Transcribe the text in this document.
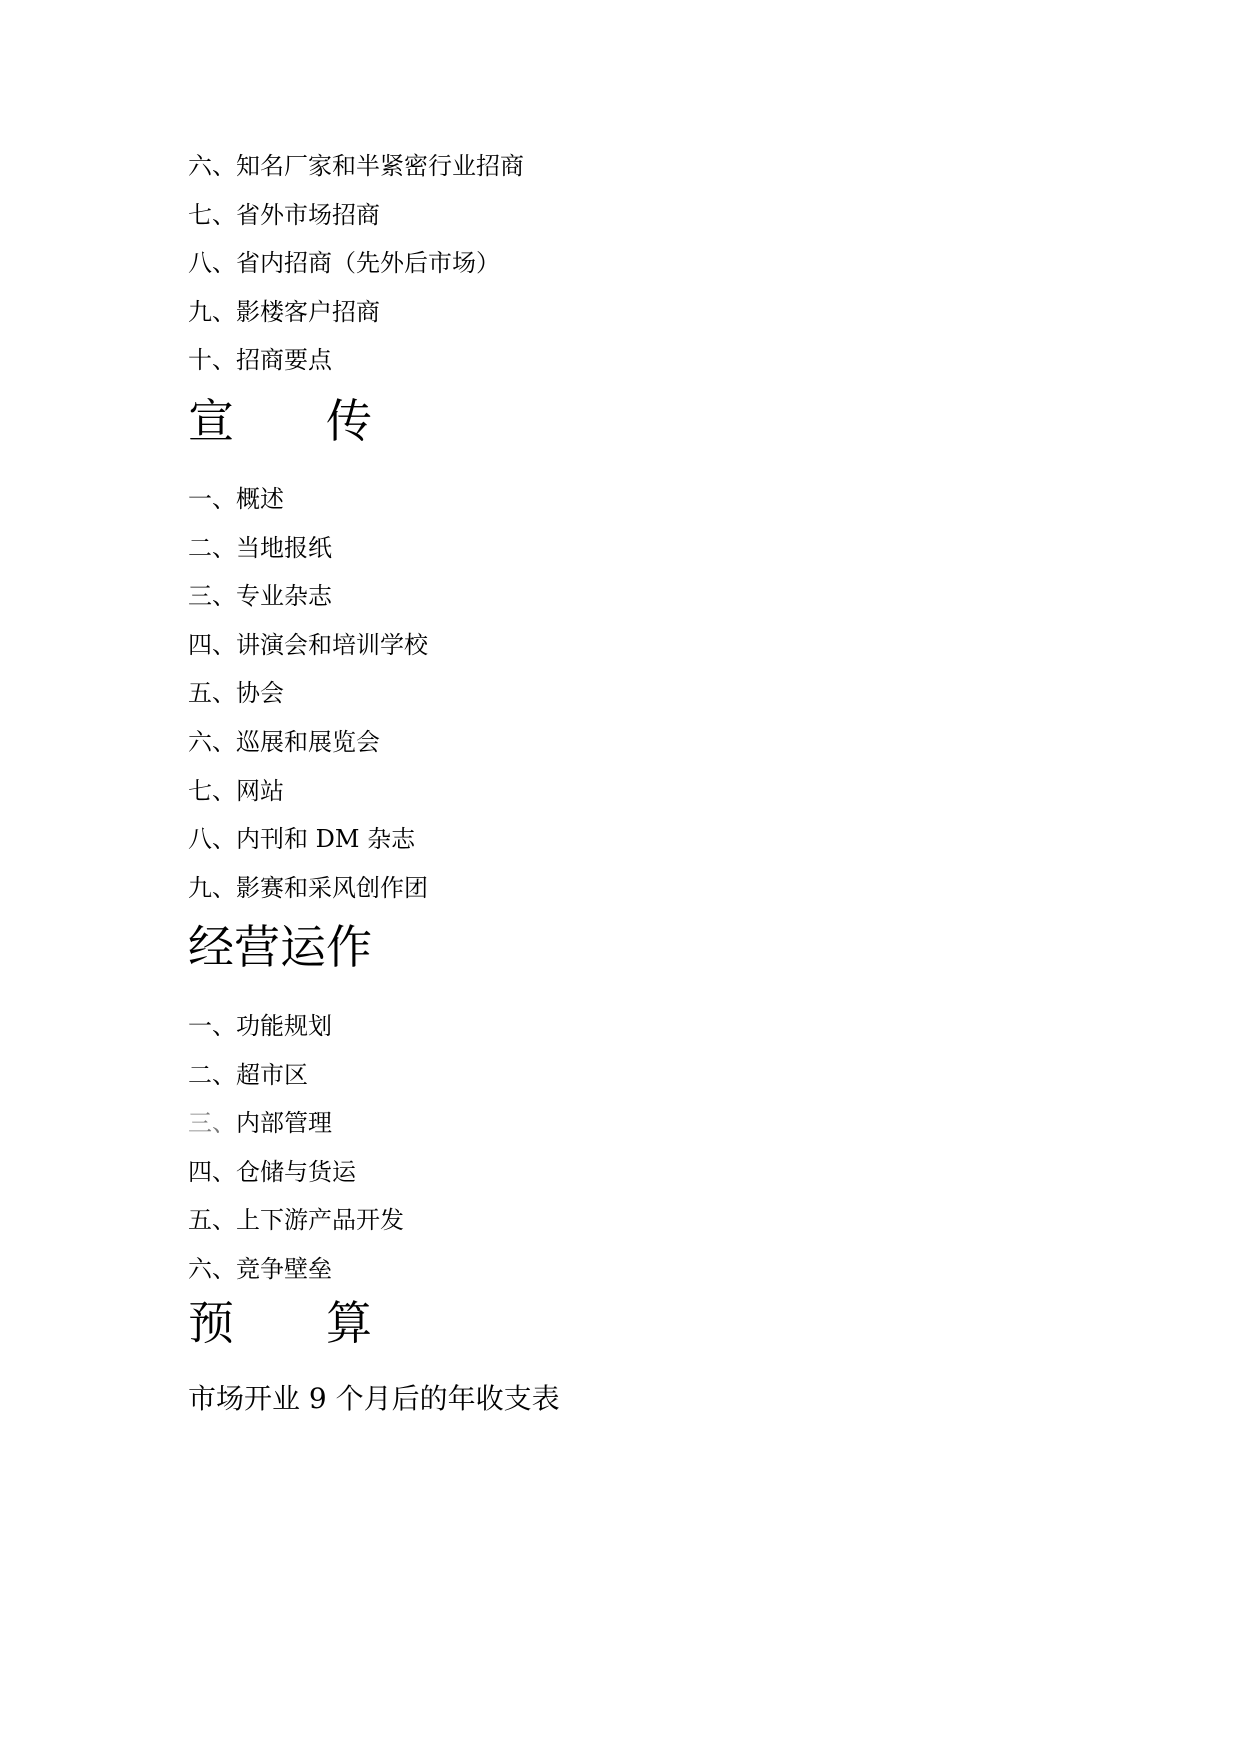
六、知名厂家和半紧密行业招商
七、省外市场招商
八、省内招商（先外后市场）
九、影楼客户招商
十、招商要点
宣传
一、概述
二、当地报纸
三、专业杂志
四、讲演会和培训学校
五、协会
六、巡展和展览会
七、网站
八、内刊和 DM 杂志
九、影赛和采风创作团
经营运作
一、功能规划
二、超市区
三、内部管理
四、仓储与货运
五、上下游产品开发
六、竞争壁垒
预算
市场开业 9 个月后的年收支表
